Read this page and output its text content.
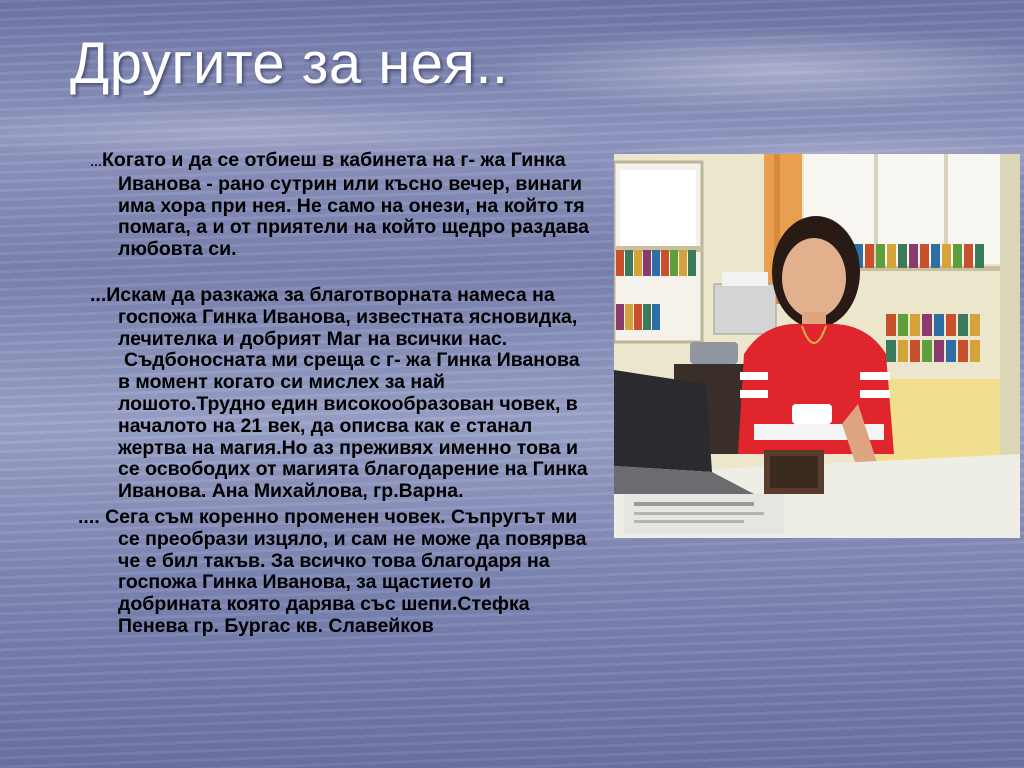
Другите за нея..

…Когато и да се отбиеш в кабинета на г- жа Гинка Иванова - рано сутрин или късно вечер, винаги има хора при нея. Не само на онези, на който тя помага, а и от приятели на който щедро раздава любовта си.

...Искам да разкажа за благотворната намеса на госпожа Гинка Иванова, известната ясновидка, лечителка и добрият Маг на всички нас.

Съдбоносната ми среща с г- жа Гинка Иванова в момент когато си мислех за най лошото.Трудно един високообразован човек, в началото на 21 век, да описва как е станал жертва на магия.Но аз преживях именно това и се освободих от магията благодарение на Гинка Иванова. Ана Михайлова, гр.Варна.

.... Сега съм коренно променен човек. Съпругът ми се преобрази изцяло, и сам не може да повярва че е бил такъв. За всичко това благодаря на госпожа Гинка Иванова, за щастието и добрината която дарява със шепи.Стефка Пенева гр. Бургас кв. Славейков
